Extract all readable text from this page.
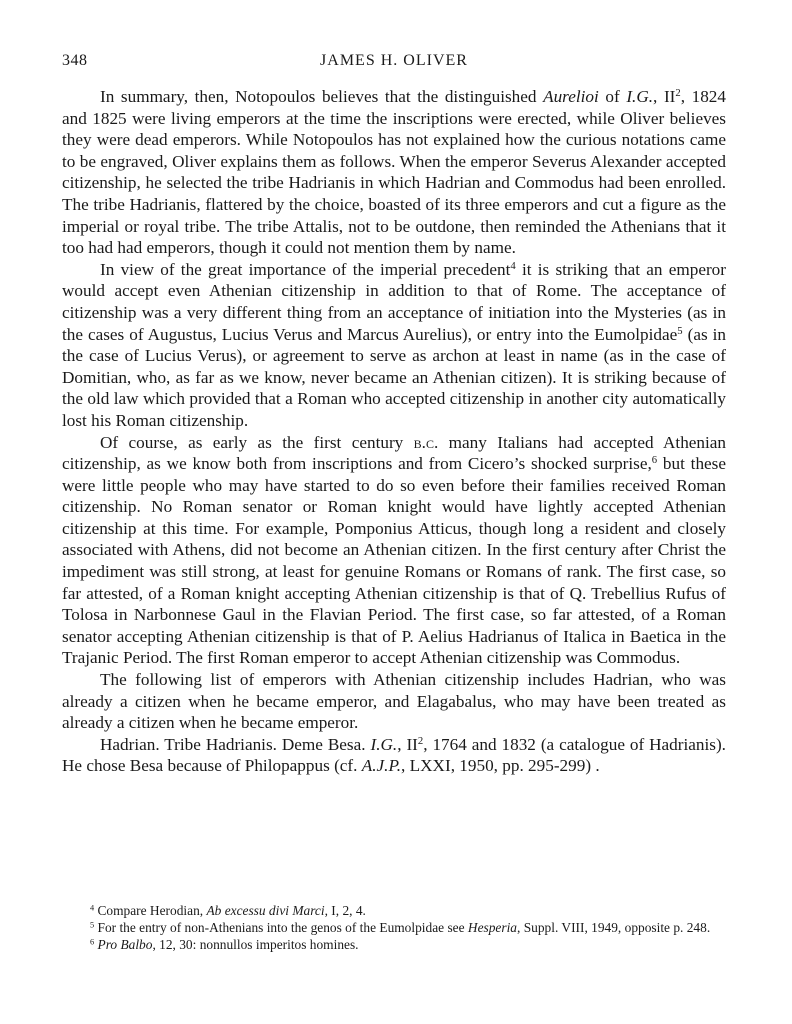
348	JAMES H. OLIVER

In summary, then, Notopoulos believes that the distinguished Aurelioi of I.G., $II^2$, 1824 and 1825 were living emperors at the time the inscriptions were erected, while Oliver believes they were dead emperors. While Notopoulos has not explained how the curious notations came to be engraved, Oliver explains them as follows. When the emperor Severus Alexander accepted citizenship, he selected the tribe Hadrianis in which Hadrian and Commodus had been enrolled. The tribe Hadrianis, flattered by the choice, boasted of its three emperors and cut a figure as the imperial or royal tribe. The tribe Attalis, not to be outdone, then reminded the Athenians that it too had had emperors, though it could not mention them by name.

In view of the great importance of the imperial precedent$^4$ it is striking that an emperor would accept even Athenian citizenship in addition to that of Rome. The acceptance of citizenship was a very different thing from an acceptance of initiation into the Mysteries (as in the cases of Augustus, Lucius Verus and Marcus Aurelius), or entry into the Eumolpidae$^5$ (as in the case of Lucius Verus), or agreement to serve as archon at least in name (as in the case of Domitian, who, as far as we know, never became an Athenian citizen). It is striking because of the old law which provided that a Roman who accepted citizenship in another city automatically lost his Roman citizenship.

Of course, as early as the first century b.c. many Italians had accepted Athenian citizenship, as we know both from inscriptions and from Cicero’s shocked surprise,$^6$ but these were little people who may have started to do so even before their families received Roman citizenship. No Roman senator or Roman knight would have lightly accepted Athenian citizenship at this time. For example, Pomponius Atticus, though long a resident and closely associated with Athens, did not become an Athenian citizen. In the first century after Christ the impediment was still strong, at least for genuine Romans or Romans of rank. The first case, so far attested, of a Roman knight accepting Athenian citizenship is that of Q. Trebellius Rufus of Tolosa in Narbonnese Gaul in the Flavian Period. The first case, so far attested, of a Roman senator accepting Athenian citizenship is that of P. Aelius Hadrianus of Italica in Baetica in the Trajanic Period. The first Roman emperor to accept Athenian citizenship was Commodus.

The following list of emperors with Athenian citizenship includes Hadrian, who was already a citizen when he became emperor, and Elagabalus, who may have been treated as already a citizen when he became emperor.

Hadrian. Tribe Hadrianis. Deme Besa. I.G., $II^2$, 1764 and 1832 (a catalogue of Hadrianis). He chose Besa because of Philopappus (cf. A.J.P., LXXI, 1950, pp. 295-299) .

$^4$ Compare Herodian, Ab excessu divi Marci, I, 2, 4.

$^5$ For the entry of non-Athenians into the genos of the Eumolpidae see Hesperia, Suppl. VIII, 1949, opposite p. 248.

$^6$ Pro Balbo, 12, 30: nonnullos imperitos homines.
